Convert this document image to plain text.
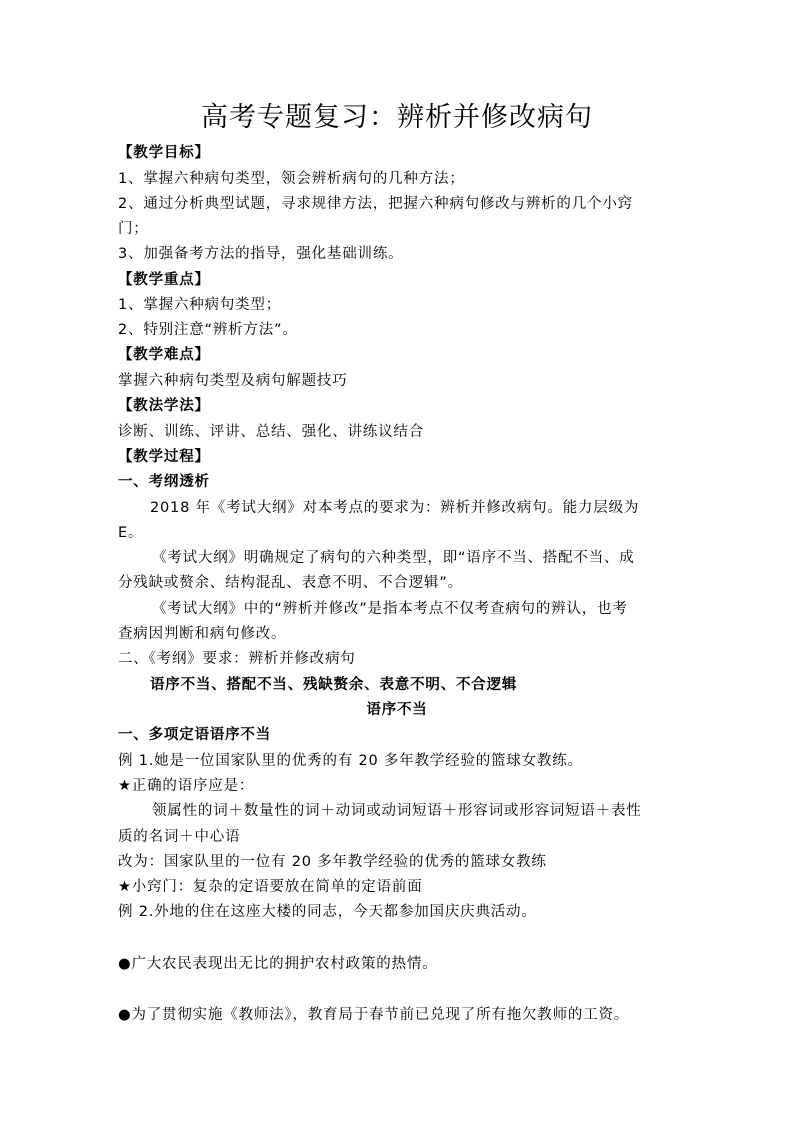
高考专题复习：辨析并修改病句
【教学目标】
1、掌握六种病句类型，领会辨析病句的几种方法；
2、通过分析典型试题，寻求规律方法，把握六种病句修改与辨析的几个小窍
门；
3、加强备考方法的指导，强化基础训练。
【教学重点】
1、掌握六种病句类型；
2、特别注意“辨析方法”。
【教学难点】
掌握六种病句类型及病句解题技巧
【教法学法】
诊断、训练、评讲、总结、强化、讲练议结合
【教学过程】
一、考纲透析
2018 年《考试大纲》对本考点的要求为：辨析并修改病句。能力层级为
E。
《考试大纲》明确规定了病句的六种类型，即“语序不当、搭配不当、成
分残缺或赘余、结构混乱、表意不明、不合逻辑”。
《考试大纲》中的“辨析并修改”是指本考点不仅考查病句的辨认，也考
查病因判断和病句修改。
二、《考纲》要求：辨析并修改病句
语序不当、搭配不当、残缺赘余、表意不明、不合逻辑
语序不当
一、多项定语语序不当
例 1.她是一位国家队里的优秀的有 20 多年教学经验的篮球女教练。
★正确的语序应是：
领属性的词＋数量性的词＋动词或动词短语＋形容词或形容词短语＋表性
质的名词＋中心语
改为：国家队里的一位有 20 多年教学经验的优秀的篮球女教练
★小窍门：复杂的定语要放在简单的定语前面
例 2.外地的住在这座大楼的同志，今天都参加国庆庆典活动。
●广大农民表现出无比的拥护农村政策的热情。
●为了贯彻实施《教师法》，教育局于春节前已兑现了所有拖欠教师的工资。
